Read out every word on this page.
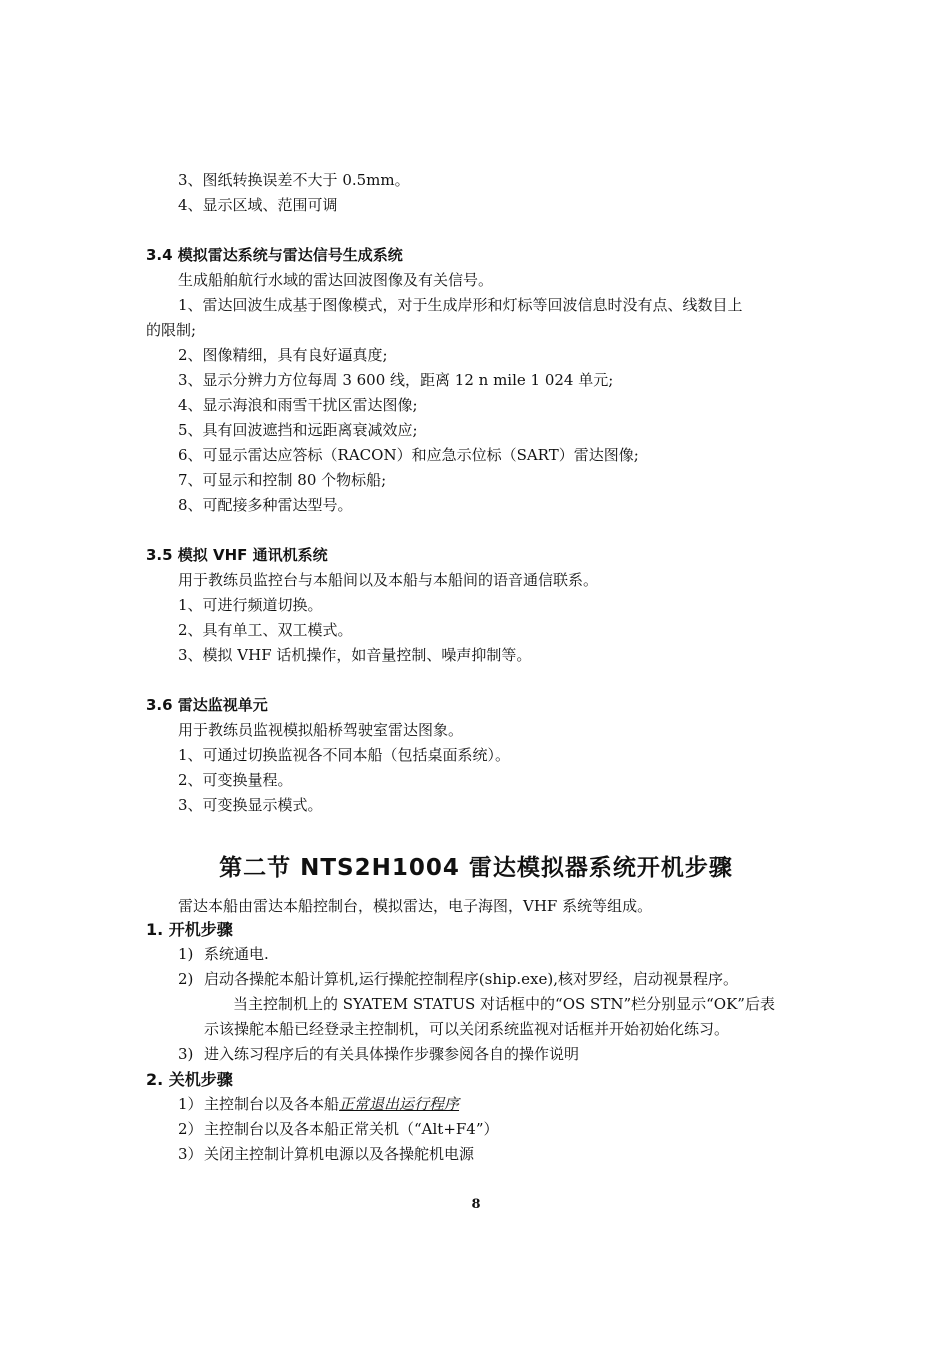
3、图纸转换误差不大于 0.5mm。
4、显示区域、范围可调
3.4 模拟雷达系统与雷达信号生成系统
生成船舶航行水域的雷达回波图像及有关信号。
1、雷达回波生成基于图像模式，对于生成岸形和灯标等回波信息时没有点、线数目上
的限制;
2、图像精细，具有良好逼真度;
3、显示分辨力方位每周 3 600 线，距离 12 n mile 1 024 单元;
4、显示海浪和雨雪干扰区雷达图像;
5、具有回波遮挡和远距离衰减效应;
6、可显示雷达应答标（RACON）和应急示位标（SART）雷达图像;
7、可显示和控制 80 个物标船;
8、可配接多种雷达型号。
3.5 模拟 VHF 通讯机系统
用于教练员监控台与本船间以及本船与本船间的语音通信联系。
1、可进行频道切换。
2、具有单工、双工模式。
3、模拟 VHF 话机操作，如音量控制、噪声抑制等。
3.6 雷达监视单元
用于教练员监视模拟船桥驾驶室雷达图象。
1、可通过切换监视各不同本船（包括桌面系统）。
2、可变换量程。
3、可变换显示模式。
第二节 NTS2H1004 雷达模拟器系统开机步骤
雷达本船由雷达本船控制台，模拟雷达，电子海图，VHF 系统等组成。
1. 开机步骤
1) 系统通电.
2) 启动各操舵本船计算机,运行操舵控制程序(ship.exe),核对罗经，启动视景程序。
当主控制机上的 SYATEM STATUS 对话框中的“OS STN”栏分别显示“OK”后表
示该操舵本船已经登录主控制机，可以关闭系统监视对话框并开始初始化练习。
3) 进入练习程序后的有关具体操作步骤参阅各自的操作说明
2. 关机步骤
1）主控制台以及各本船正常退出运行程序
2）主控制台以及各本船正常关机（“Alt+F4”）
3）关闭主控制计算机电源以及各操舵机电源
8
